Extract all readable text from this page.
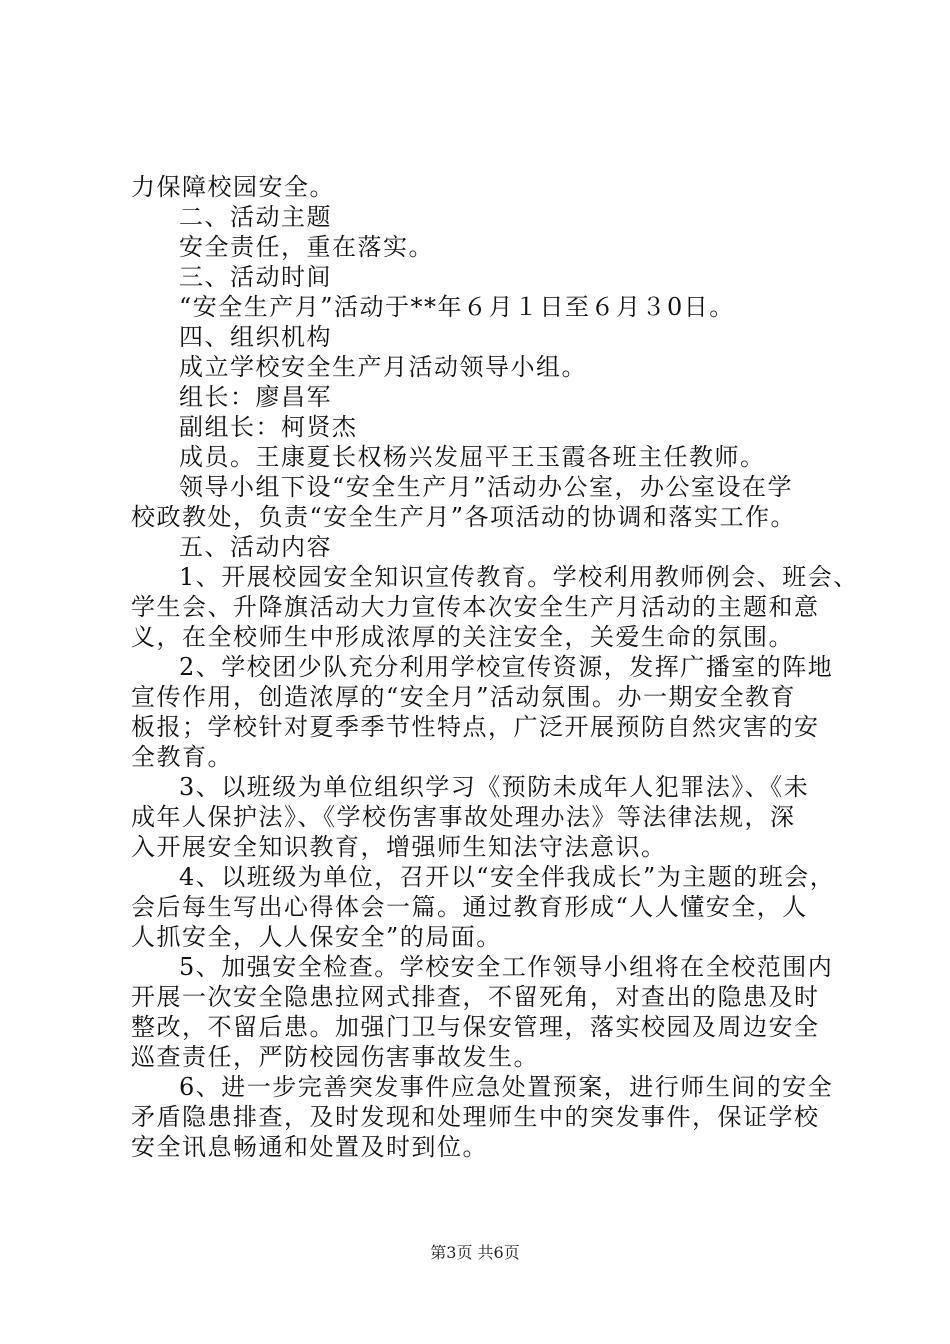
力保障校园安全。
二、活动主题
安全责任，重在落实。
三、活动时间
“安全生产月”活动于**年６月１日至６月３0日。
四、组织机构
成立学校安全生产月活动领导小组。
组长：廖昌军
副组长：柯贤杰
成员。王康夏长权杨兴发屈平王玉霞各班主任教师。
领导小组下设“安全生产月”活动办公室，办公室设在学
校政教处，负责“安全生产月”各项活动的协调和落实工作。
五、活动内容
1、开展校园安全知识宣传教育。学校利用教师例会、班会、
学生会、升降旗活动大力宣传本次安全生产月活动的主题和意
义，在全校师生中形成浓厚的关注安全，关爱生命的氛围。
2、学校团少队充分利用学校宣传资源，发挥广播室的阵地
宣传作用，创造浓厚的“安全月”活动氛围。办一期安全教育
板报；学校针对夏季季节性特点，广泛开展预防自然灾害的安
全教育。
3、以班级为单位组织学习《预防未成年人犯罪法》、《未
成年人保护法》、《学校伤害事故处理办法》等法律法规，深
入开展安全知识教育，增强师生知法守法意识。
4、以班级为单位，召开以“安全伴我成长”为主题的班会，
会后每生写出心得体会一篇。通过教育形成“人人懂安全，人
人抓安全，人人保安全”的局面。
5、加强安全检查。学校安全工作领导小组将在全校范围内
开展一次安全隐患拉网式排查，不留死角，对查出的隐患及时
整改，不留后患。加强门卫与保安管理，落实校园及周边安全
巡查责任，严防校园伤害事故发生。
6、进一步完善突发事件应急处置预案，进行师生间的安全
矛盾隐患排查，及时发现和处理师生中的突发事件，保证学校
安全讯息畅通和处置及时到位。
第3页 共6页
